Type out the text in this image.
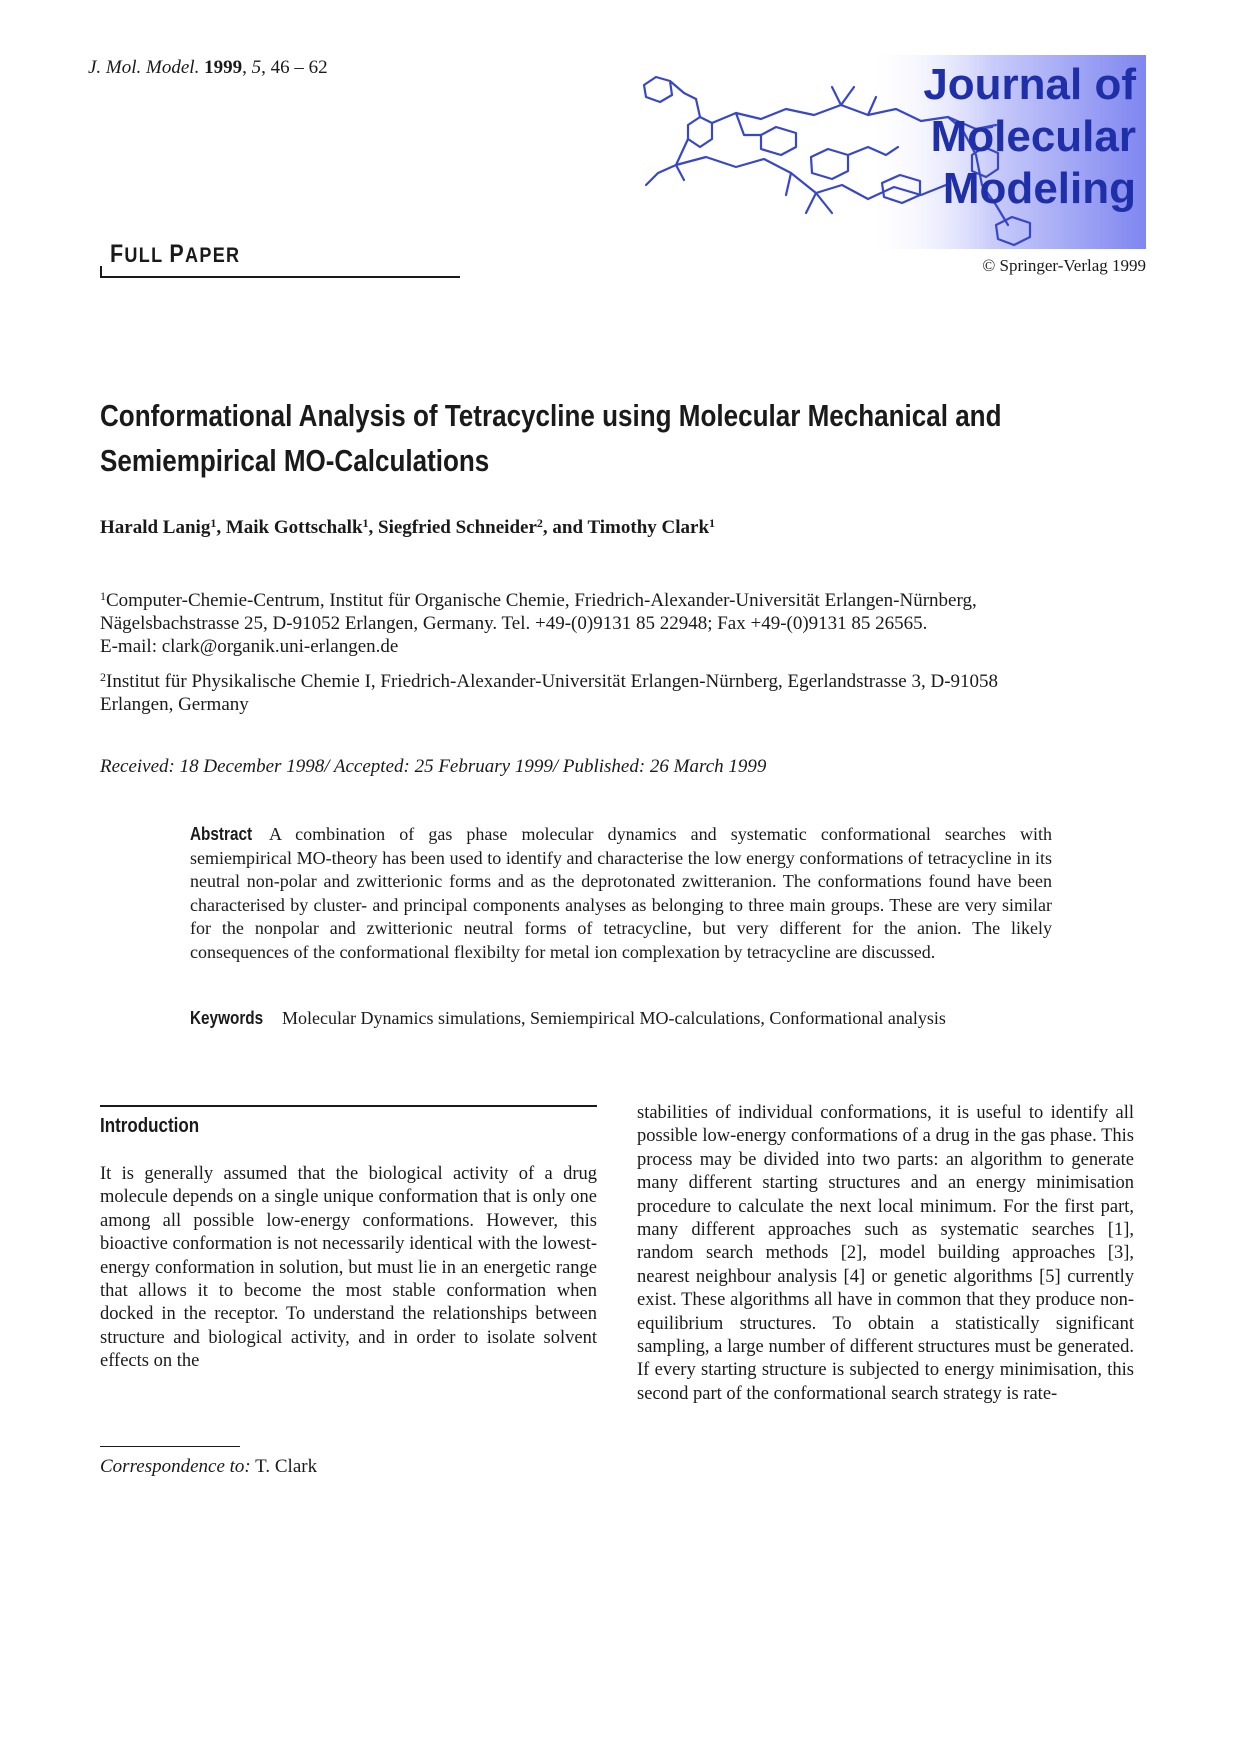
J. Mol. Model. 1999, 5, 46 – 62	Journal of
Molecular
Modeling
© Springer-Verlag 1999
FULL PAPER
Conformational Analysis of Tetracycline using Molecular Mechanical and
Semiempirical MO-Calculations
Harald Lanig$^1$, Maik Gottschalk$^1$, Siegfried Schneider$^2$, and Timothy Clark$^1$
$^1$Computer-Chemie-Centrum, Institut für Organische Chemie, Friedrich-Alexander-Universität Erlangen-Nürnberg,
Nägelsbachstrasse 25, D-91052 Erlangen, Germany. Tel. +49-(0)9131 85 22948; Fax +49-(0)9131 85 26565.
E-mail: clark@organik.uni-erlangen.de
$^2$Institut für Physikalische Chemie I, Friedrich-Alexander-Universität Erlangen-Nürnberg, Egerlandstrasse 3, D-91058
Erlangen, Germany
Received: 18 December 1998/ Accepted: 25 February 1999/ Published: 26 March 1999
Abstract A combination of gas phase molecular dynamics and systematic conformational searches with semiempirical MO-theory has been used to identify and characterise the low energy conformations of tetracycline in its neutral non-polar and zwitterionic forms and as the deprotonated zwitteranion. The conformations found have been characterised by cluster- and principal components analyses as belonging to three main groups. These are very similar for the nonpolar and zwitterionic neutral forms of tetracycline, but very different for the anion. The likely consequences of the conformational flexibilty for metal ion complexation by tetracycline are discussed.
Keywords Molecular Dynamics simulations, Semiempirical MO-calculations, Conformational analysis
Introduction
It is generally assumed that the biological activity of a drug molecule depends on a single unique conformation that is only one among all possible low-energy conformations. However, this bioactive conformation is not necessarily identical with the lowest-energy conformation in solution, but must lie in an energetic range that allows it to become the most stable conformation when docked in the receptor. To understand the relationships between structure and biological activity, and in order to isolate solvent effects on the
stabilities of individual conformations, it is useful to identify all possible low-energy conformations of a drug in the gas phase. This process may be divided into two parts: an algorithm to generate many different starting structures and an energy minimisation procedure to calculate the next local minimum. For the first part, many different approaches such as systematic searches [1], random search methods [2], model building approaches [3], nearest neighbour analysis [4] or genetic algorithms [5] currently exist. These algorithms all have in common that they produce non-equilibrium structures. To obtain a statistically significant sampling, a large number of different structures must be generated. If every starting structure is subjected to energy minimisation, this second part of the conformational search strategy is rate-
Correspondence to: T. Clark
